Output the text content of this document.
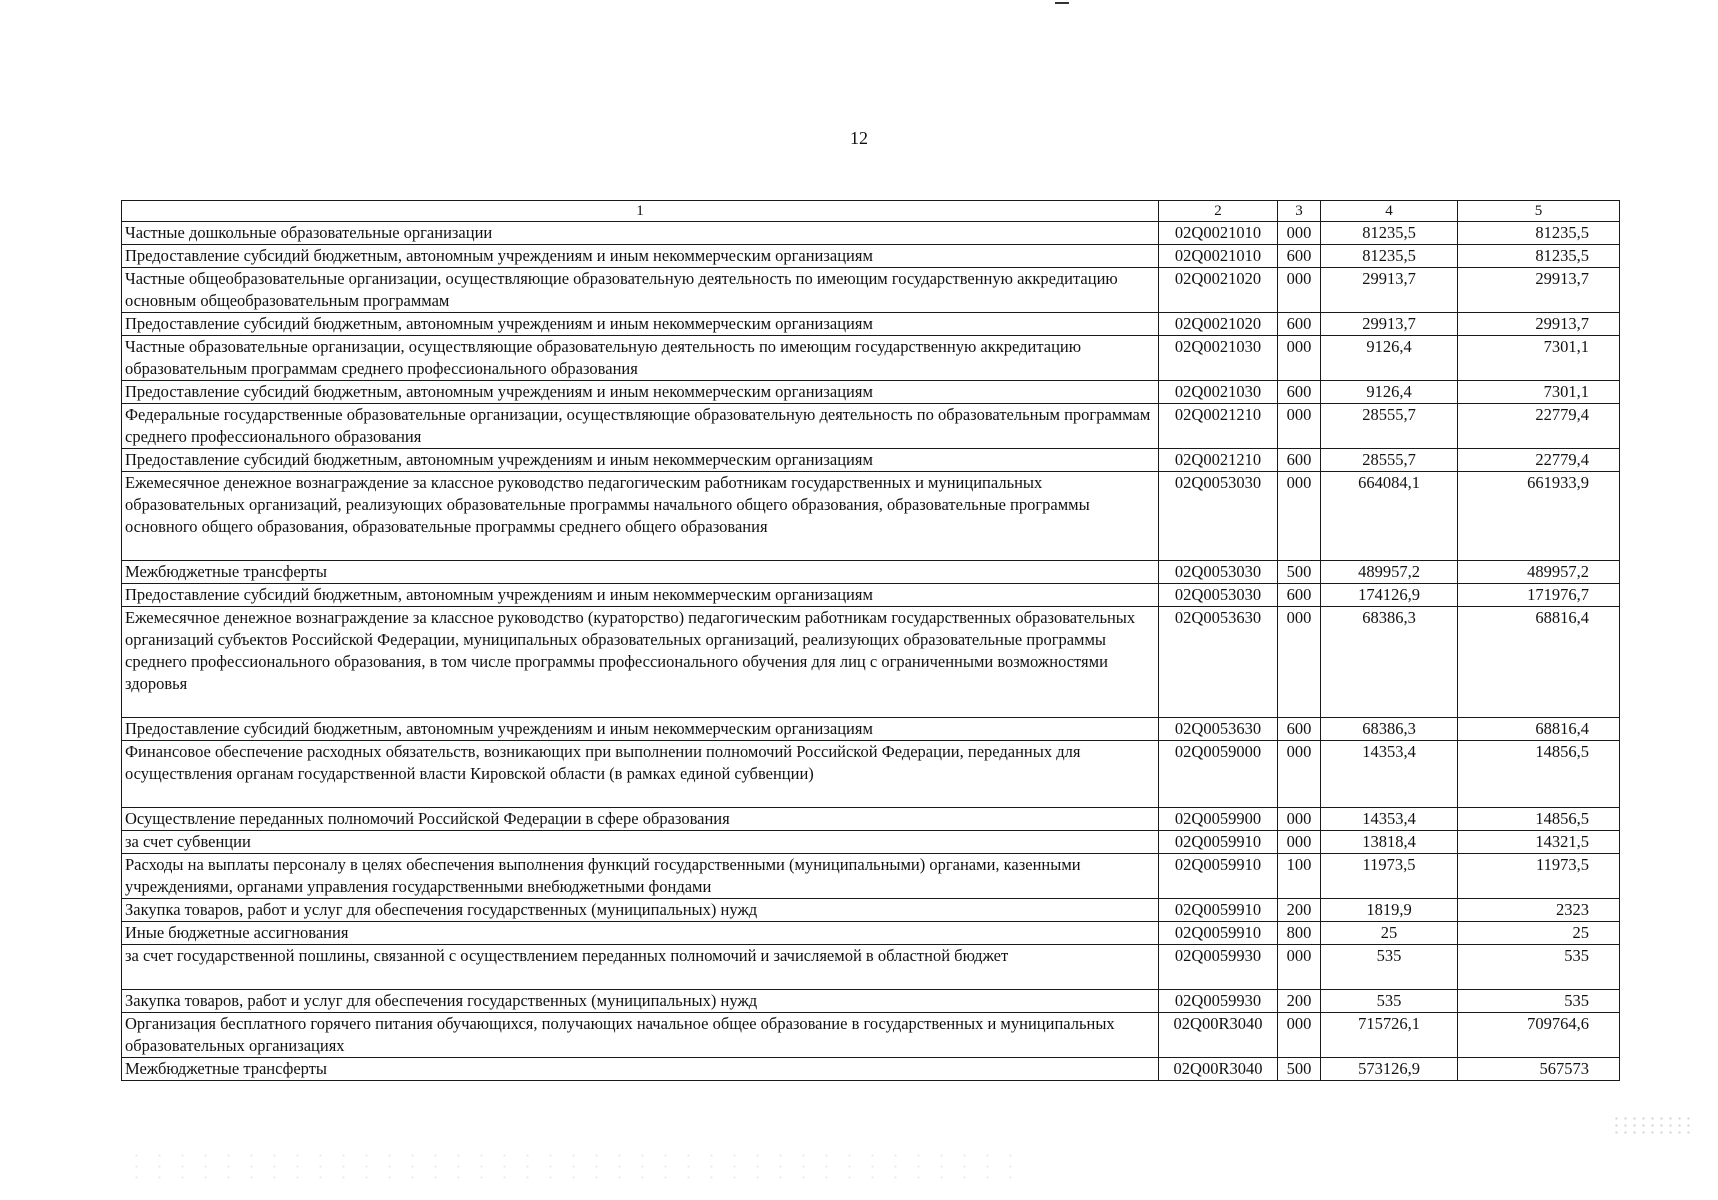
12
1	2	3	4	5
Частные дошкольные образовательные организации	02Q0021010	000	81235,5	81235,5
Предоставление субсидий бюджетным, автономным учреждениям и иным некоммерческим организациям	02Q0021010	600	81235,5	81235,5
Частные общеобразовательные организации, осуществляющие образовательную деятельность по имеющим государственную аккредитацию основным общеобразовательным программам	02Q0021020	000	29913,7	29913,7
Предоставление субсидий бюджетным, автономным учреждениям и иным некоммерческим организациям	02Q0021020	600	29913,7	29913,7
Частные образовательные организации, осуществляющие образовательную деятельность по имеющим государственную аккредитацию образовательным программам среднего профессионального образования	02Q0021030	000	9126,4	7301,1
Предоставление субсидий бюджетным, автономным учреждениям и иным некоммерческим организациям	02Q0021030	600	9126,4	7301,1
Федеральные государственные образовательные организации, осуществляющие образовательную деятельность по образовательным программам среднего профессионального образования	02Q0021210	000	28555,7	22779,4
Предоставление субсидий бюджетным, автономным учреждениям и иным некоммерческим организациям	02Q0021210	600	28555,7	22779,4
Ежемесячное денежное вознаграждение за классное руководство педагогическим работникам государственных и муниципальных образовательных организаций, реализующих образовательные программы начального общего образования, образовательные программы основного общего образования, образовательные программы среднего общего образования	02Q0053030	000	664084,1	661933,9
Межбюджетные трансферты	02Q0053030	500	489957,2	489957,2
Предоставление субсидий бюджетным, автономным учреждениям и иным некоммерческим организациям	02Q0053030	600	174126,9	171976,7
Ежемесячное денежное вознаграждение за классное руководство (кураторство) педагогическим работникам государственных образовательных организаций субъектов Российской Федерации, муниципальных образовательных организаций, реализующих образовательные программы среднего профессионального образования, в том числе программы профессионального обучения для лиц с ограниченными возможностями здоровья	02Q0053630	000	68386,3	68816,4
Предоставление субсидий бюджетным, автономным учреждениям и иным некоммерческим организациям	02Q0053630	600	68386,3	68816,4
Финансовое обеспечение расходных обязательств, возникающих при выполнении полномочий Российской Федерации, переданных для осуществления органам государственной власти Кировской области (в рамках единой субвенции)	02Q0059000	000	14353,4	14856,5
Осуществление переданных полномочий Российской Федерации в сфере образования	02Q0059900	000	14353,4	14856,5
за счет субвенции	02Q0059910	000	13818,4	14321,5
Расходы на выплаты персоналу в целях обеспечения выполнения функций государственными (муниципальными) органами, казенными учреждениями, органами управления государственными внебюджетными фондами	02Q0059910	100	11973,5	11973,5
Закупка товаров, работ и услуг для обеспечения государственных (муниципальных) нужд	02Q0059910	200	1819,9	2323
Иные бюджетные ассигнования	02Q0059910	800	25	25
за счет государственной пошлины, связанной с осуществлением переданных полномочий и зачисляемой в областной бюджет	02Q0059930	000	535	535
Закупка товаров, работ и услуг для обеспечения государственных (муниципальных) нужд	02Q0059930	200	535	535
Организация бесплатного горячего питания обучающихся, получающих начальное общее образование в государственных и муниципальных образовательных организациях	02Q00R3040	000	715726,1	709764,6
Межбюджетные трансферты	02Q00R3040	500	573126,9	567573
